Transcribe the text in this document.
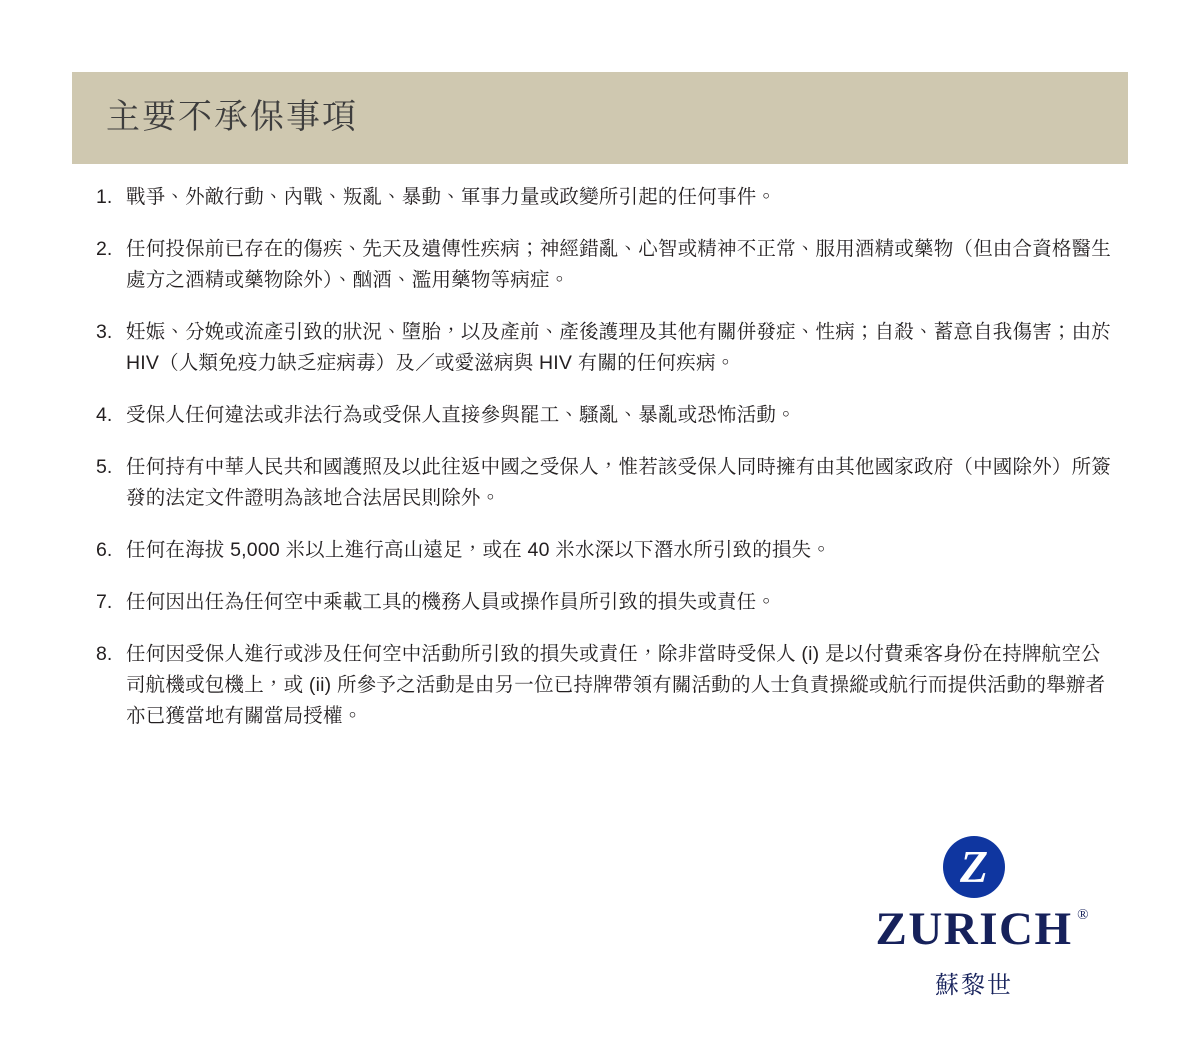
主要不承保事項
1. 戰爭、外敵行動、內戰、叛亂、暴動、軍事力量或政變所引起的任何事件。
2. 任何投保前已存在的傷疾、先天及遺傳性疾病；神經錯亂、心智或精神不正常、服用酒精或藥物（但由合資格醫生處方之酒精或藥物除外）、酗酒、濫用藥物等病症。
3. 妊娠、分娩或流產引致的狀況、墮胎，以及產前、產後護理及其他有關併發症、性病；自殺、蓄意自我傷害；由於 HIV（人類免疫力缺乏症病毒）及／或愛滋病與 HIV 有關的任何疾病。
4. 受保人任何違法或非法行為或受保人直接參與罷工、騷亂、暴亂或恐怖活動。
5. 任何持有中華人民共和國護照及以此往返中國之受保人，惟若該受保人同時擁有由其他國家政府（中國除外）所簽發的法定文件證明為該地合法居民則除外。
6. 任何在海拔 5,000 米以上進行高山遠足，或在 40 米水深以下潛水所引致的損失。
7. 任何因出任為任何空中乘載工具的機務人員或操作員所引致的損失或責任。
8. 任何因受保人進行或涉及任何空中活動所引致的損失或責任，除非當時受保人 (i) 是以付費乘客身份在持牌航空公司航機或包機上，或 (ii) 所參予之活動是由另一位已持牌帶領有關活動的人士負責操縱或航行而提供活動的舉辦者亦已獲當地有關當局授權。
Z
ZURICH ®
蘇黎世
